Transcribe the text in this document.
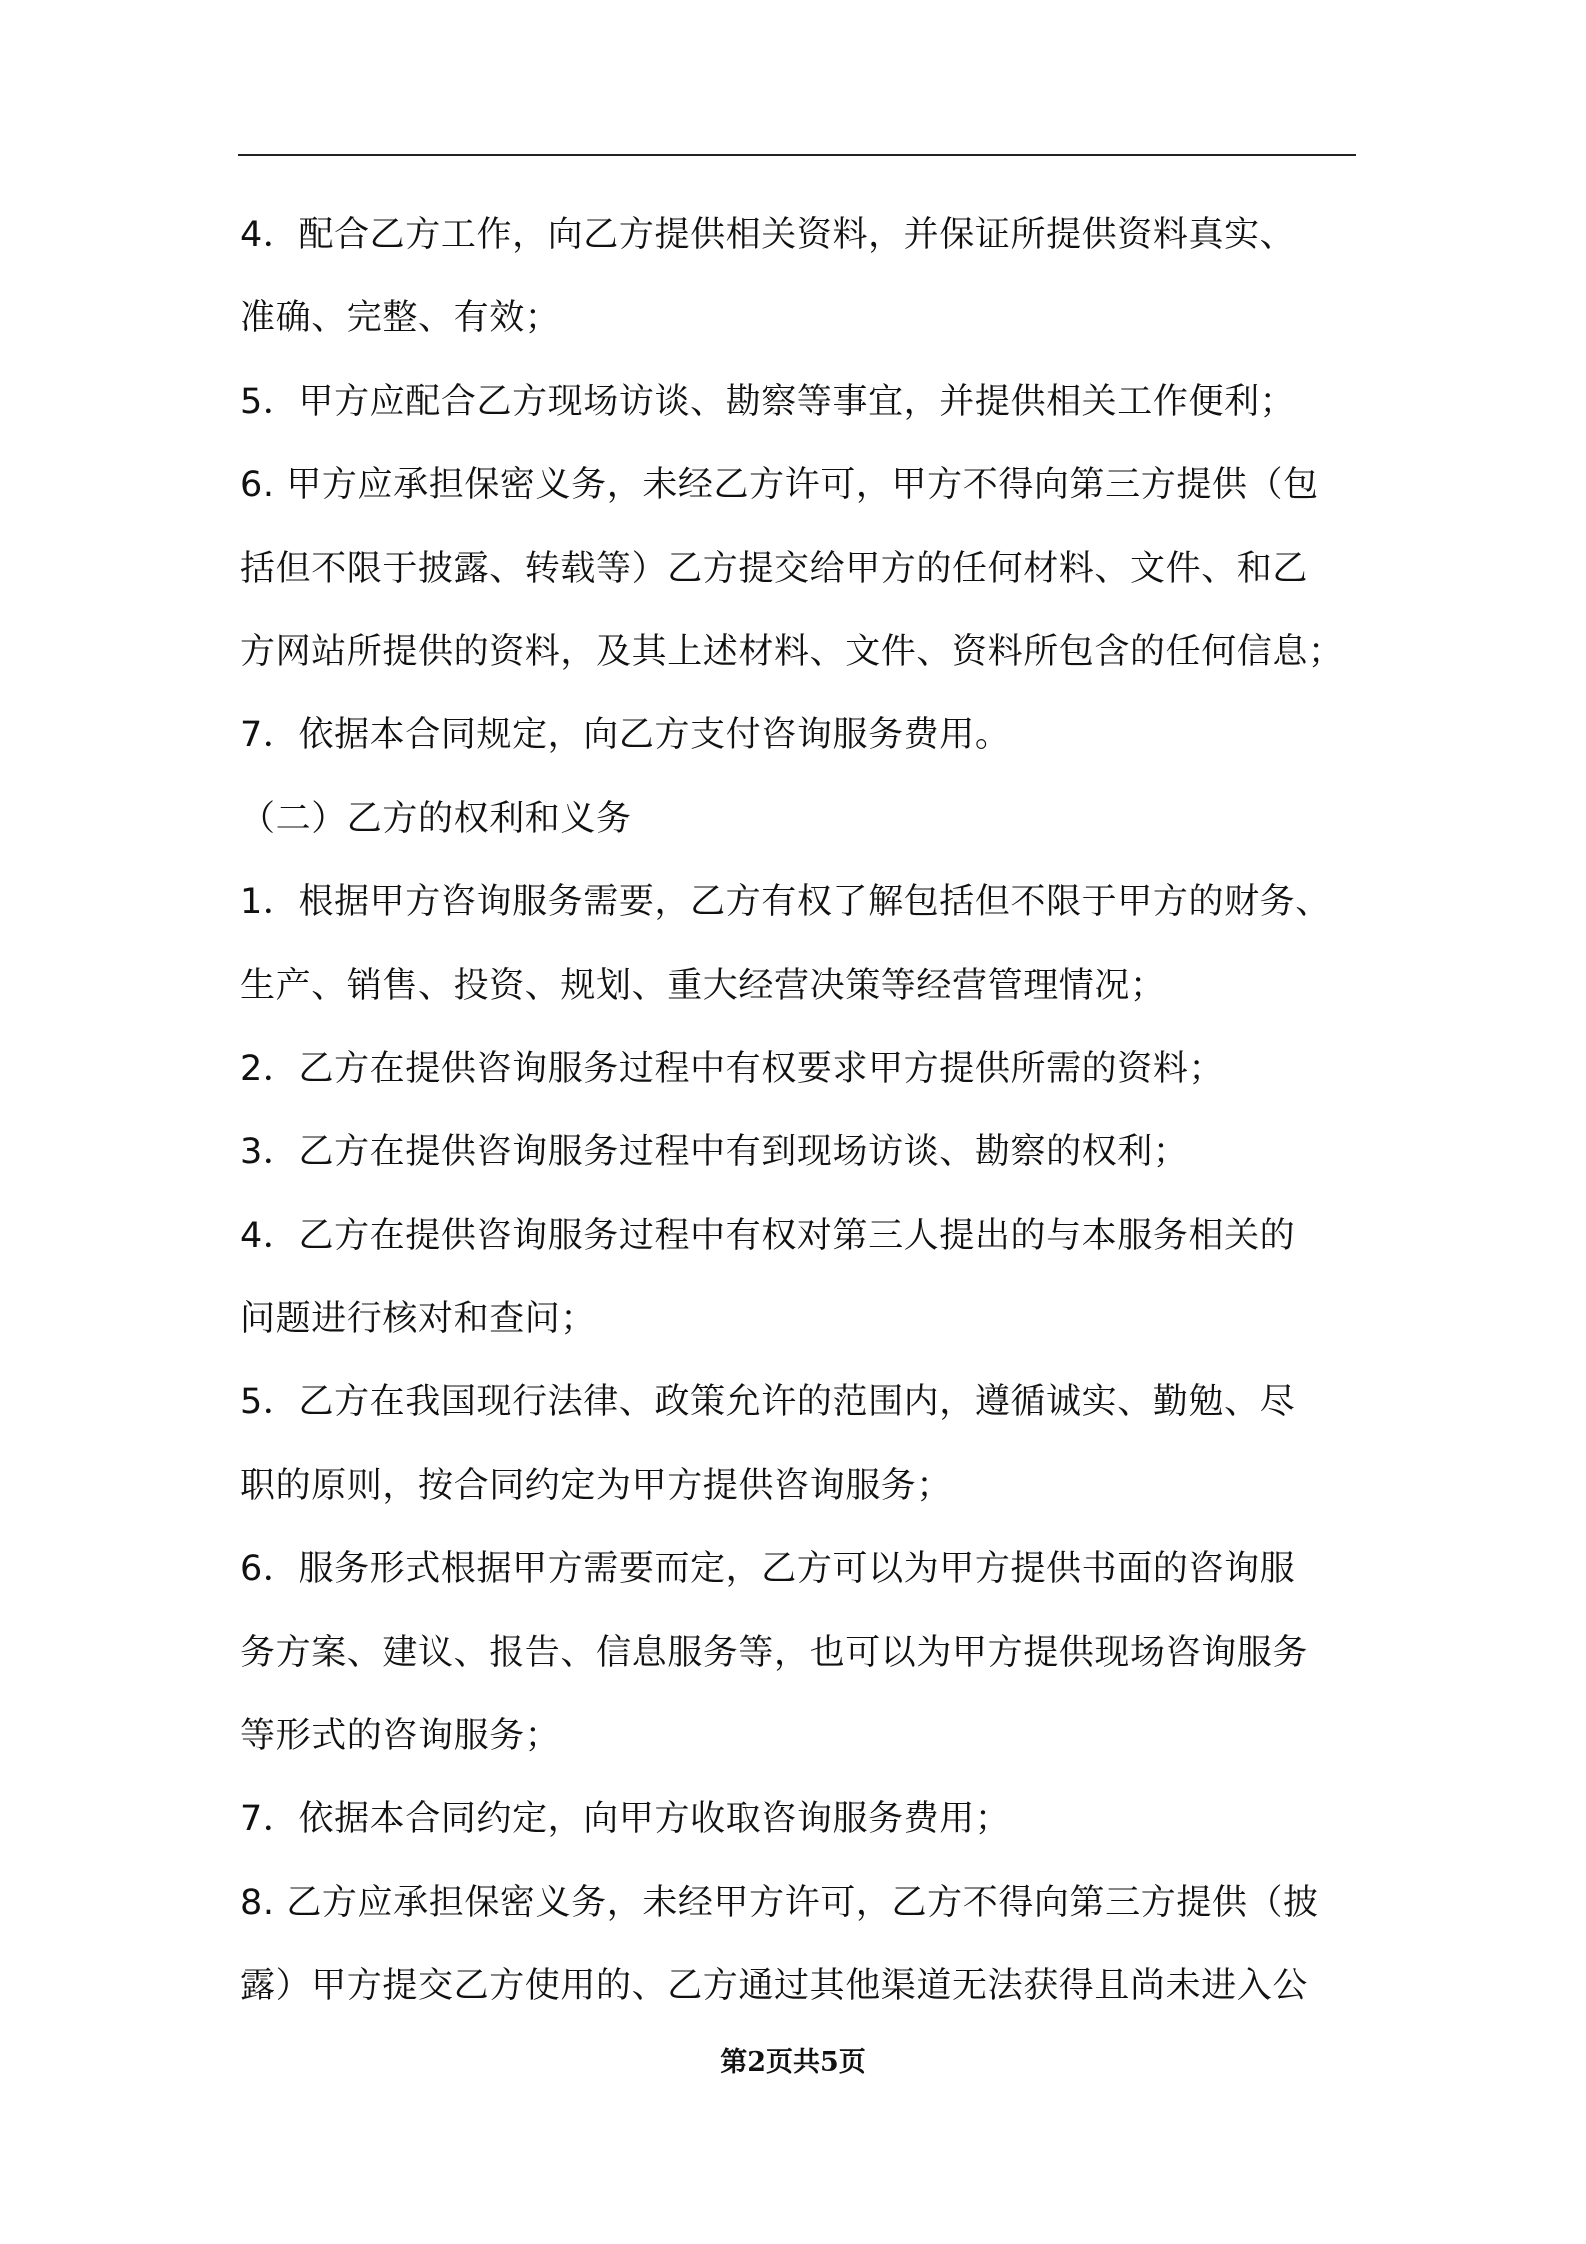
4．配合乙方工作，向乙方提供相关资料，并保证所提供资料真实、
准确、完整、有效；
5．甲方应配合乙方现场访谈、勘察等事宜，并提供相关工作便利；
6. 甲方应承担保密义务，未经乙方许可，甲方不得向第三方提供（包
括但不限于披露、转载等）乙方提交给甲方的任何材料、文件、和乙
方网站所提供的资料，及其上述材料、文件、资料所包含的任何信息；
7．依据本合同规定，向乙方支付咨询服务费用。
（二）乙方的权利和义务
1．根据甲方咨询服务需要，乙方有权了解包括但不限于甲方的财务、
生产、销售、投资、规划、重大经营决策等经营管理情况；
2．乙方在提供咨询服务过程中有权要求甲方提供所需的资料；
3．乙方在提供咨询服务过程中有到现场访谈、勘察的权利；
4．乙方在提供咨询服务过程中有权对第三人提出的与本服务相关的
问题进行核对和查问；
5．乙方在我国现行法律、政策允许的范围内，遵循诚实、勤勉、尽
职的原则，按合同约定为甲方提供咨询服务；
6．服务形式根据甲方需要而定，乙方可以为甲方提供书面的咨询服
务方案、建议、报告、信息服务等，也可以为甲方提供现场咨询服务
等形式的咨询服务；
7．依据本合同约定，向甲方收取咨询服务费用；
8. 乙方应承担保密义务，未经甲方许可，乙方不得向第三方提供（披
露）甲方提交乙方使用的、乙方通过其他渠道无法获得且尚未进入公
第2页共5页
